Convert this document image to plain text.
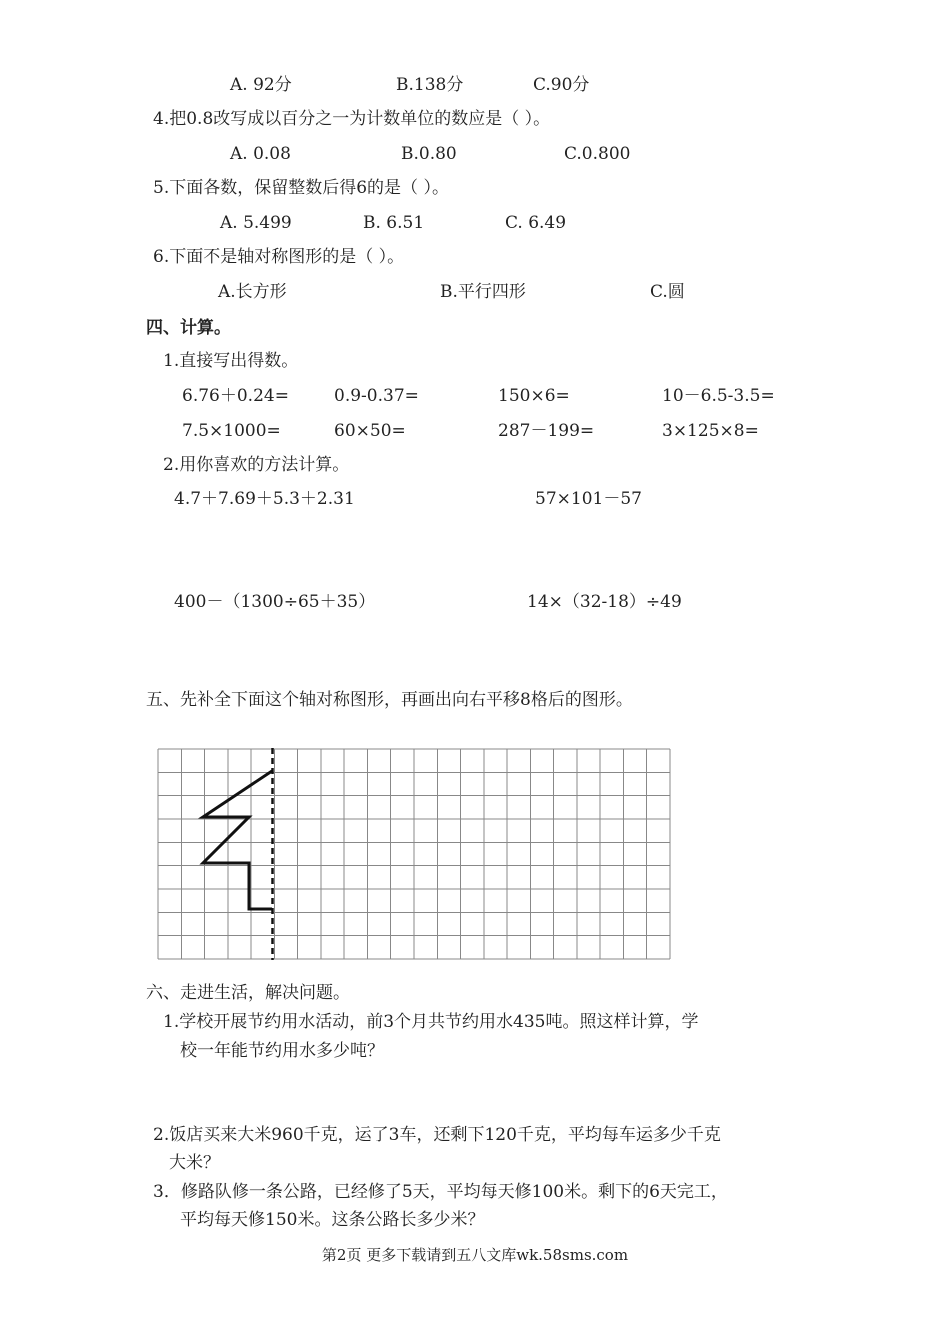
A. 92分	B.138分	C.90分
4.把0.8改写成以百分之一为计数单位的数应是（ ）。
A. 0.08	B.0.80	C.0.800
5.下面各数，保留整数后得6的是（ ）。
A. 5.499	B. 6.51	C. 6.49
6.下面不是轴对称图形的是（ ）。
A.长方形	B.平行四形	C.圆
四、计算。
1.直接写出得数。
6.76＋0.24=	0.9-0.37=	150×6=	10－6.5-3.5=
7.5×1000=	60×50=	287－199=	3×125×8=
2.用你喜欢的方法计算。
4.7＋7.69＋5.3＋2.31	57×101－57
400－（1300÷65＋35）	14×（32-18）÷49
五、先补全下面这个轴对称图形，再画出向右平移8格后的图形。
六、走进生活，解决问题。
1.学校开展节约用水活动，前3个月共节约用水435吨。照这样计算，学
校一年能节约用水多少吨？
2.饭店买来大米960千克，运了3车，还剩下120千克，平均每车运多少千克
大米？
3．修路队修一条公路，已经修了5天，平均每天修100米。剩下的6天完工，
平均每天修150米。这条公路长多少米？
第2页 更多下载请到五八文库wk.58sms.com
